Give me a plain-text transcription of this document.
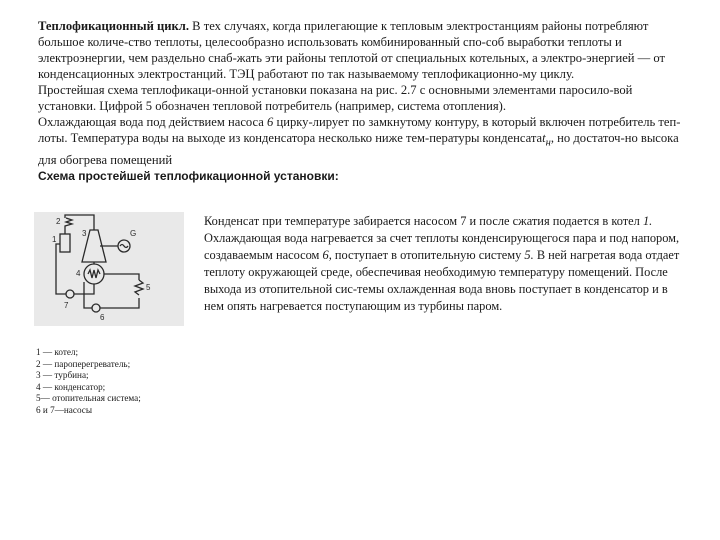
Теплофикационный цикл. В тех случаях, когда прилегающие к тепловым электростанциям районы потребляют большое количе-ство теплоты, целесообразно использовать комбинированный спо-соб выработки теплоты и электроэнергии, чем раздельно снаб-жать эти районы теплотой от специальных котельных, а электро-энергией — от конденсационных электростанций. ТЭЦ работают по так называемому теплофикационно-му циклу.

Простейшая схема теплофикаци-онной установки показана на рис. 2.7 с основными элементами паросило-вой установки. Цифрой 5 обозначен тепловой потребитель (например, система отопления).

Охлаждающая вода под действием насоса 6 цирку-лирует по замкнутому контуру, в который включен потребитель теп-лоты. Температура воды на выходе из конденсатора несколько ниже тем-пературы конденсатаt$_н$, но достаточ-но высока для обогрева помещений

Схема простейшей теплофикационной установки:

1
2
3
4
5
6
7
G
Конденсат при температуре забирается насосом 7 и после сжатия подается в котел 1. Охлаждающая вода нагревается за счет теплоты конденсирующегося пара и под напором, создаваемым насосом 6, поступает в отопительную систему 5. В ней нагретая вода отдает теплоту окружающей среде, обеспечивая необходимую температуру помещений. После выхода из отопительной сис-темы охлажденная вода вновь поступает в конденсатор и в нем опять нагревается поступающим из турбины паром.
1 — котел;
2 — пароперегреватель;
3 — турбина;
4 — конденсатор;
5— отопительная система;
6 и 7—насосы
